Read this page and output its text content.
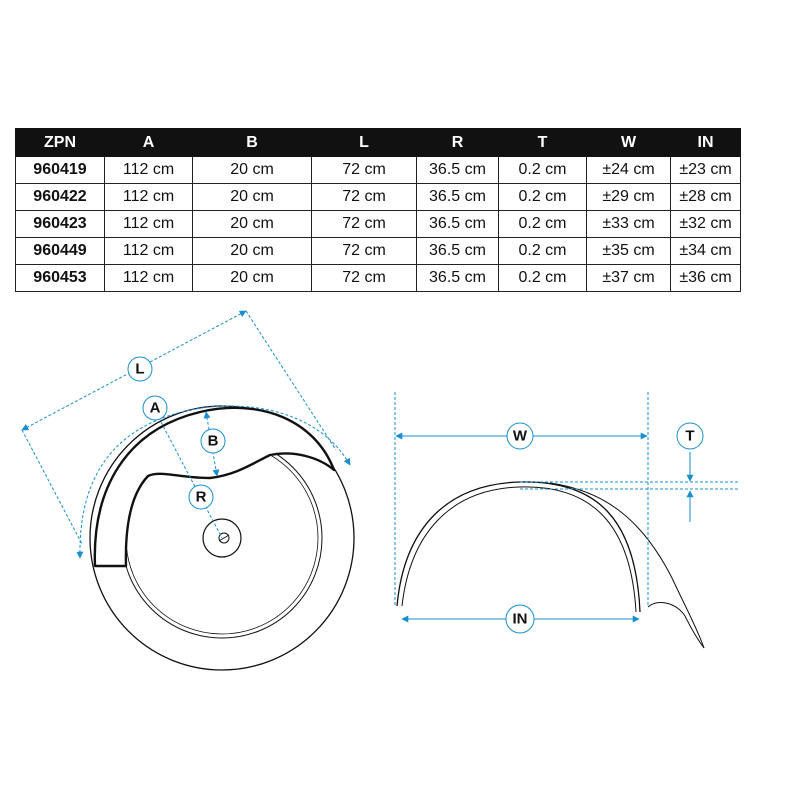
ZPN	A	B	L	R	T	W	IN
960419	112 cm	20 cm	72 cm	36.5 cm	0.2 cm	±24 cm	±23 cm
960422	112 cm	20 cm	72 cm	36.5 cm	0.2 cm	±29 cm	±28 cm
960423	112 cm	20 cm	72 cm	36.5 cm	0.2 cm	±33 cm	±32 cm
960449	112 cm	20 cm	72 cm	36.5 cm	0.2 cm	±35 cm	±34 cm
960453	112 cm	20 cm	72 cm	36.5 cm	0.2 cm	±37 cm	±36 cm
L
A
B
R
W	T
IN
